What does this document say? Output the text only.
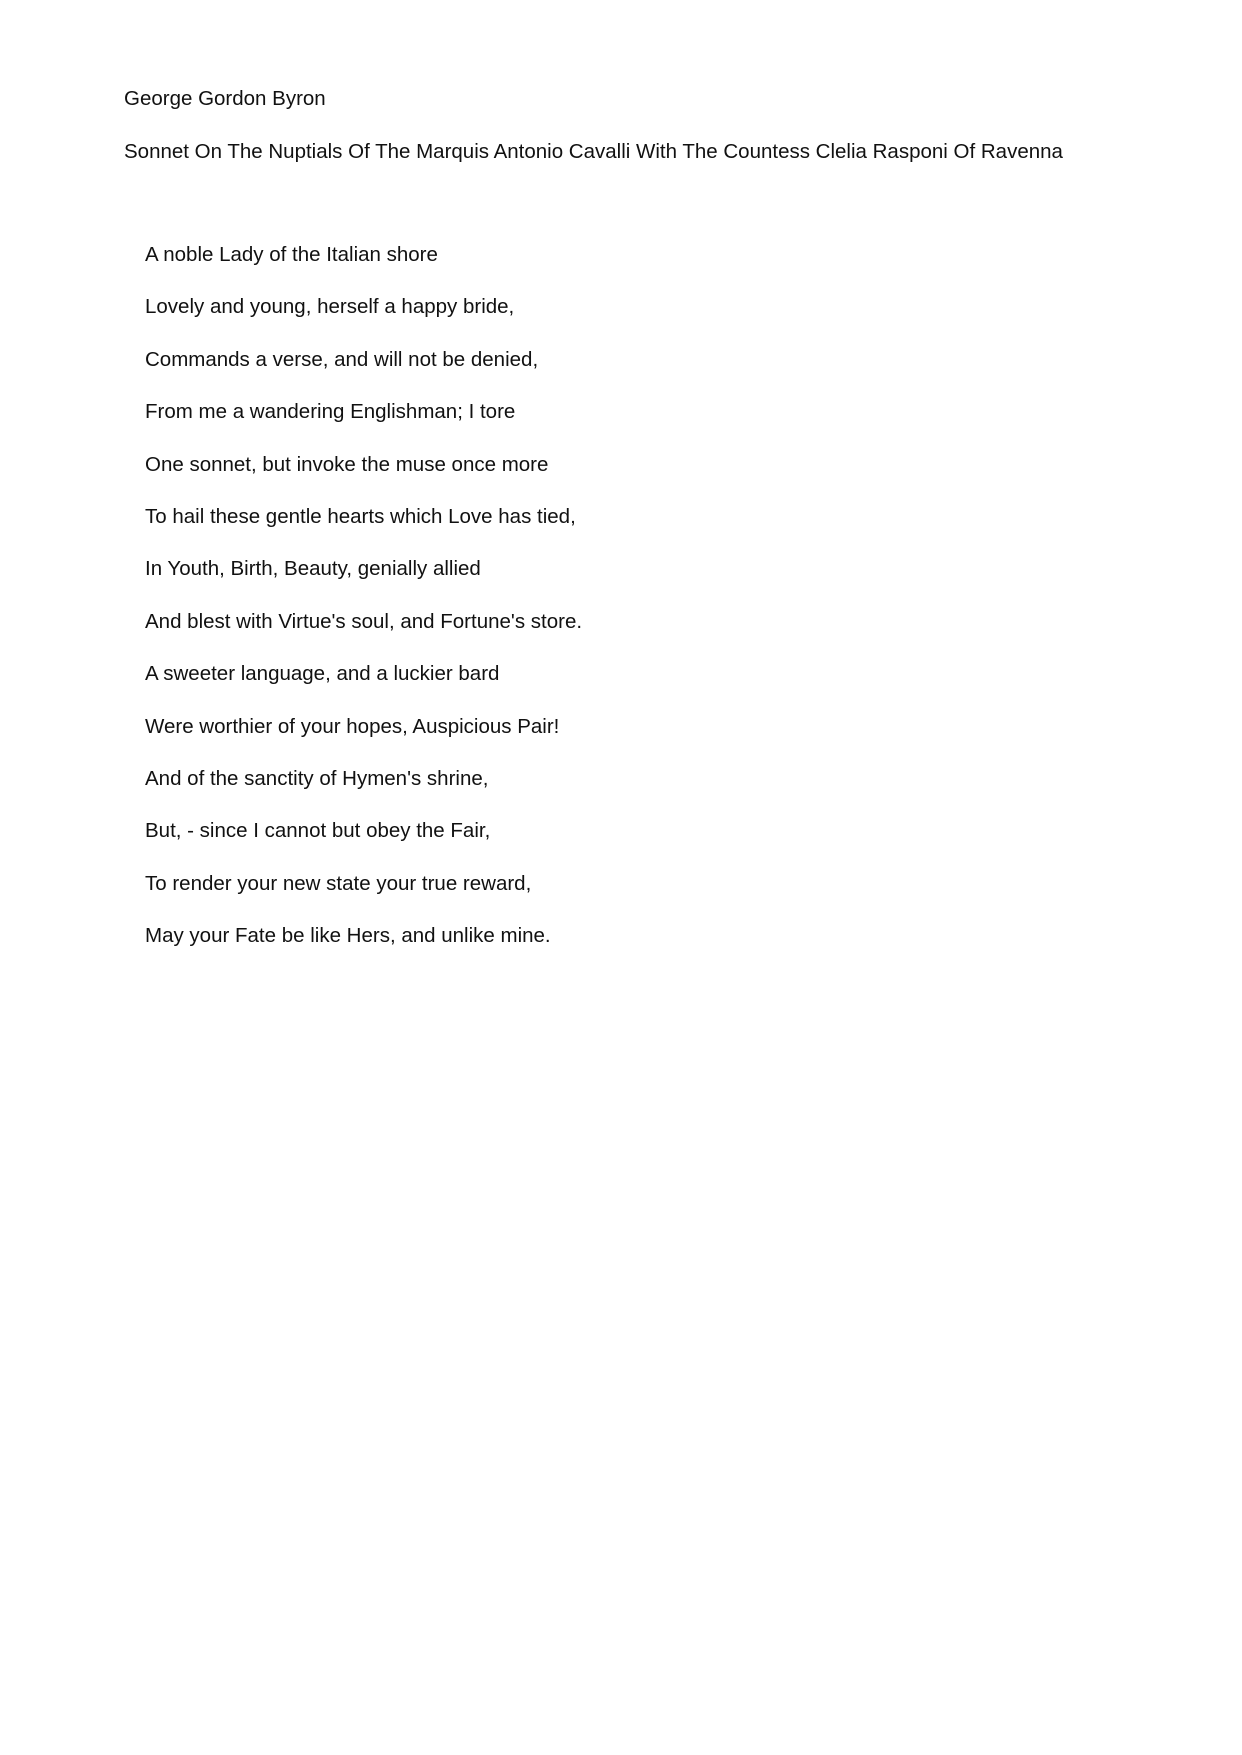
George Gordon Byron
Sonnet On The Nuptials Of The Marquis Antonio Cavalli With The Countess Clelia Rasponi Of Ravenna
A noble Lady of the Italian shore
Lovely and young, herself a happy bride,
Commands a verse, and will not be denied,
From me a wandering Englishman; I tore
One sonnet, but invoke the muse once more
To hail these gentle hearts which Love has tied,
In Youth, Birth, Beauty, genially allied
And blest with Virtue's soul, and Fortune's store.
A sweeter language, and a luckier bard
Were worthier of your hopes, Auspicious Pair!
And of the sanctity of Hymen's shrine,
But, - since I cannot but obey the Fair,
To render your new state your true reward,
May your Fate be like Hers, and unlike mine.
